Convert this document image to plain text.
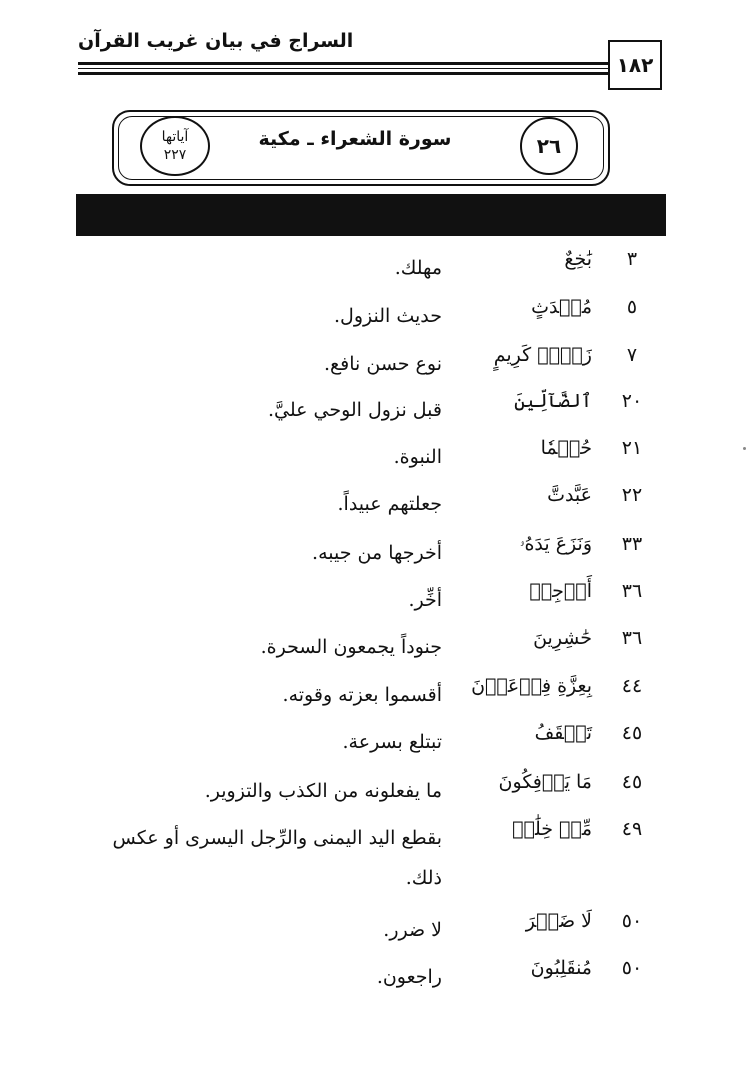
السراج في بيان غريب القرآن
١٨٢
٢٦
سورة الشعراء ـ مكية
آياتها
٢٢٧
٣
بَٰخِعٌ
مهلك.
٥
مُحۡدَثٍ
حديث النزول.
٧
زَوۡجٖ كَرِيمٍ
نوع حسن نافع.
٢٠
ٱلضَّآلِّينَ
قبل نزول الوحي عليَّ.
٢١
حُكۡمٗا
النبوة.
٢٢
عَبَّدتَّ
جعلتهم عبيداً.
٣٣
وَنَزَعَ يَدَهُۥ
أخرجها من جيبه.
٣٦
أَرۡجِهۡ
أخِّر.
٣٦
حَٰشِرِينَ
جنوداً يجمعون السحرة.
٤٤
بِعِزَّةِ فِرۡعَوۡنَ
أقسموا بعزته وقوته.
٤٥
تَلۡقَفُ
تبتلع بسرعة.
٤٥
مَا يَأۡفِكُونَ
ما يفعلونه من الكذب والتزوير.
٤٩
مِّنۡ خِلَٰفٖ
بقطع اليد اليمنى والرِّجل اليسرى أو عكس ذلك.
٥٠
لَا ضَيۡرَ
لا ضرر.
٥٠
مُنقَلِبُونَ
راجعون.
